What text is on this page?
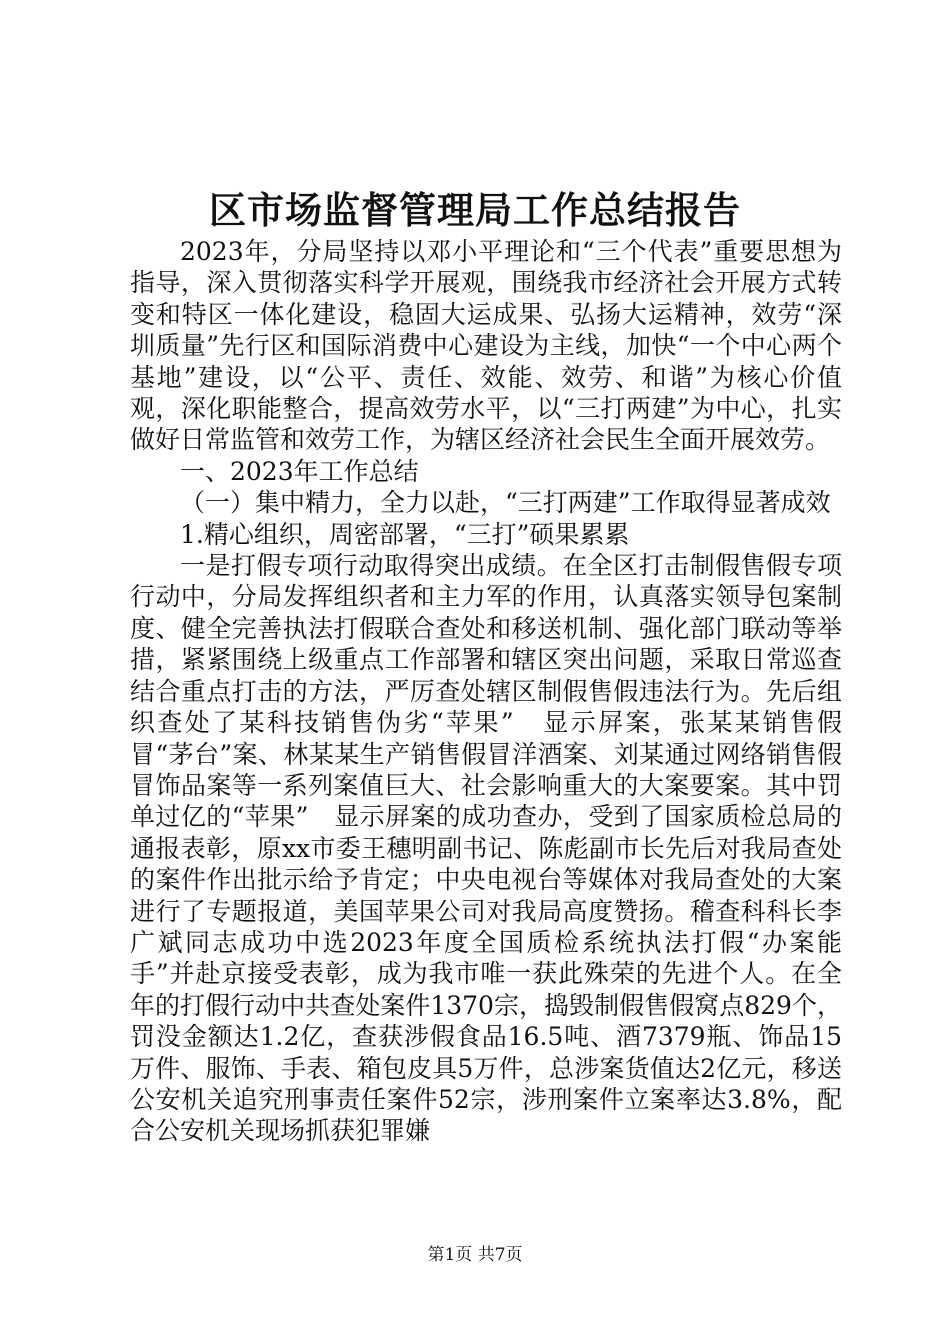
区市场监督管理局工作总结报告

2023年，分局坚持以邓小平理论和“三个代表”重要思想为指导，深入贯彻落实科学开展观，围绕我市经济社会开展方式转变和特区一体化建设，稳固大运成果、弘扬大运精神，效劳“深圳质量”先行区和国际消费中心建设为主线，加快“一个中心两个基地”建设，以“公平、责任、效能、效劳、和谐”为核心价值观，深化职能整合，提高效劳水平，以“三打两建”为中心，扎实做好日常监管和效劳工作，为辖区经济社会民生全面开展效劳。

一、2023年工作总结

（一）集中精力，全力以赴，“三打两建”工作取得显著成效

1.精心组织，周密部署，“三打”硕果累累

一是打假专项行动取得突出成绩。在全区打击制假售假专项行动中，分局发挥组织者和主力军的作用，认真落实领导包案制度、健全完善执法打假联合查处和移送机制、强化部门联动等举措，紧紧围绕上级重点工作部署和辖区突出问题，采取日常巡查结合重点打击的方法，严厉查处辖区制假售假违法行为。先后组织查处了某科技销售伪劣“苹果”　显示屏案，张某某销售假冒“茅台”案、林某某生产销售假冒洋酒案、刘某通过网络销售假冒饰品案等一系列案值巨大、社会影响重大的大案要案。其中罚单过亿的“苹果”　显示屏案的成功查办，受到了国家质检总局的通报表彰，原xx市委王穗明副书记、陈彪副市长先后对我局查处的案件作出批示给予肯定；中央电视台等媒体对我局查处的大案进行了专题报道，美国苹果公司对我局高度赞扬。稽查科科长李广斌同志成功中选2023年度全国质检系统执法打假“办案能手”并赴京接受表彰，成为我市唯一获此殊荣的先进个人。在全年的打假行动中共查处案件1370宗，捣毁制假售假窝点829个，罚没金额达1.2亿，查获涉假食品16.5吨、酒7379瓶、饰品15万件、服饰、手表、箱包皮具5万件，总涉案货值达2亿元，移送公安机关追究刑事责任案件52宗，涉刑案件立案率达3.8%，配合公安机关现场抓获犯罪嫌

第1页 共7页
